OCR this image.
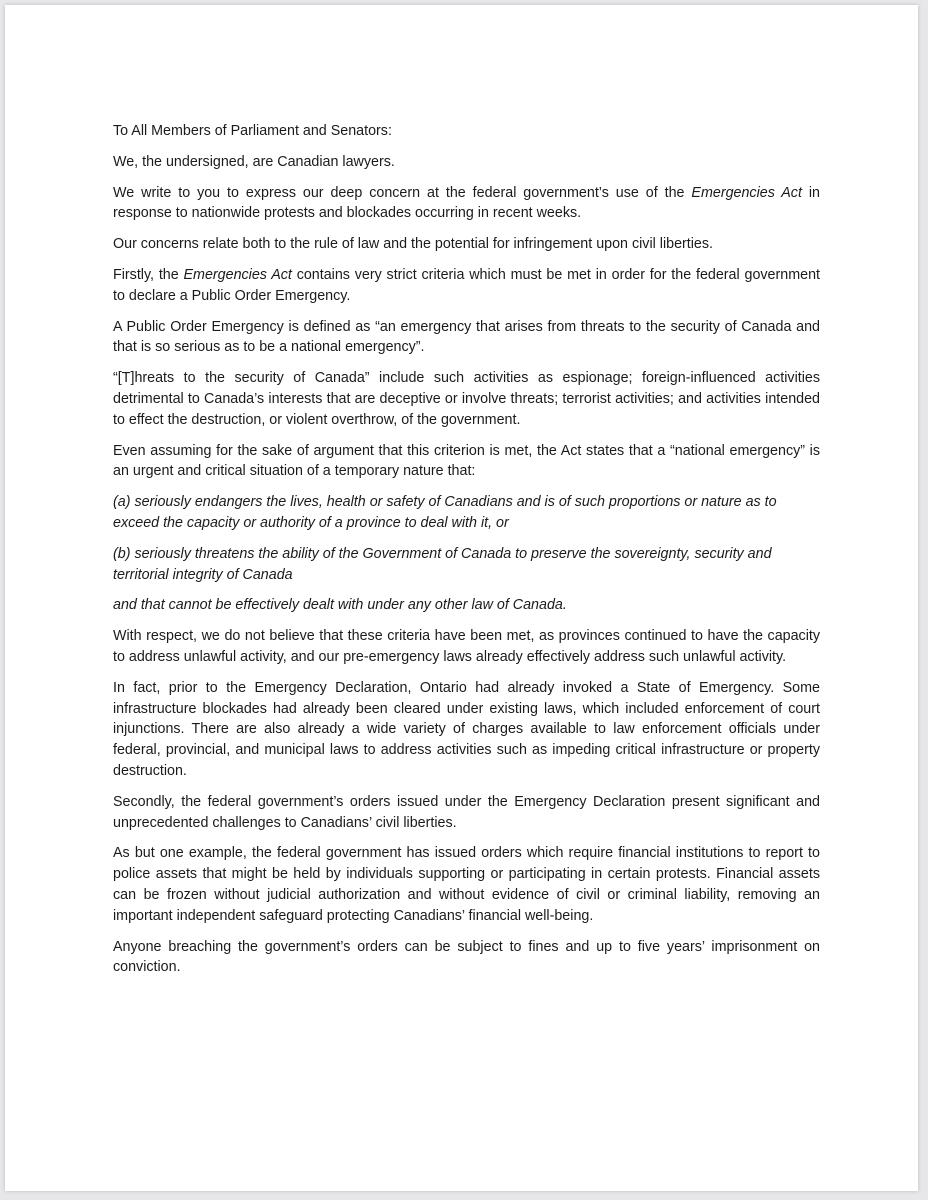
To All Members of Parliament and Senators:

We, the undersigned, are Canadian lawyers.

We write to you to express our deep concern at the federal government’s use of the Emergencies Act in response to nationwide protests and blockades occurring in recent weeks.

Our concerns relate both to the rule of law and the potential for infringement upon civil liberties.

Firstly, the Emergencies Act contains very strict criteria which must be met in order for the federal government to declare a Public Order Emergency.

A Public Order Emergency is defined as “an emergency that arises from threats to the security of Canada and that is so serious as to be a national emergency”.

“[T]hreats to the security of Canada” include such activities as espionage; foreign-influenced activities detrimental to Canada’s interests that are deceptive or involve threats; terrorist activities; and activities intended to effect the destruction, or violent overthrow, of the government.

Even assuming for the sake of argument that this criterion is met, the Act states that a “national emergency” is an urgent and critical situation of a temporary nature that:

(a) seriously endangers the lives, health or safety of Canadians and is of such proportions or nature as to exceed the capacity or authority of a province to deal with it, or

(b) seriously threatens the ability of the Government of Canada to preserve the sovereignty, security and territorial integrity of Canada

and that cannot be effectively dealt with under any other law of Canada.

With respect, we do not believe that these criteria have been met, as provinces continued to have the capacity to address unlawful activity, and our pre-emergency laws already effectively address such unlawful activity.

In fact, prior to the Emergency Declaration, Ontario had already invoked a State of Emergency. Some infrastructure blockades had already been cleared under existing laws, which included enforcement of court injunctions. There are also already a wide variety of charges available to law enforcement officials under federal, provincial, and municipal laws to address activities such as impeding critical infrastructure or property destruction.

Secondly, the federal government’s orders issued under the Emergency Declaration present significant and unprecedented challenges to Canadians’ civil liberties.

As but one example, the federal government has issued orders which require financial institutions to report to police assets that might be held by individuals supporting or participating in certain protests. Financial assets can be frozen without judicial authorization and without evidence of civil or criminal liability, removing an important independent safeguard protecting Canadians’ financial well-being.

Anyone breaching the government’s orders can be subject to fines and up to five years’ imprisonment on conviction.
